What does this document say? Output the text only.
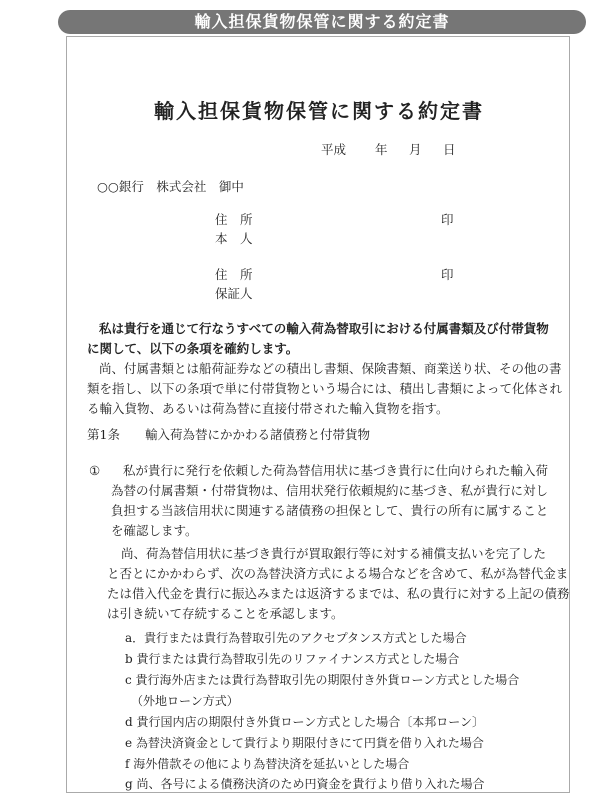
輸入担保貨物保管に関する約定書
輸入担保貨物保管に関する約定書
平成 年 月 日
○○銀行　株式会社　御中
住　所
本　人
印
住　所
保証人
印
私は貴行を通じて行なうすべての輸入荷為替取引における付属書類及び付帯貨物
に関して、以下の条項を確約します。
尚、付属書類とは船荷証券などの積出し書類、保険書類、商業送り状、その他の書
類を指し、以下の条項で単に付帯貨物という場合には、積出し書類によって化体され
る輸入貨物、あるいは荷為替に直接付帯された輸入貨物を指す。
第1条 輸入荷為替にかかわる諸債務と付帯貨物
① 私が貴行に発行を依頼した荷為替信用状に基づき貴行に仕向けられた輸入荷
為替の付属書類・付帯貨物は、信用状発行依頼規約に基づき、私が貴行に対し
負担する当該信用状に関連する諸債務の担保として、貴行の所有に属すること
を確認します。
尚、荷為替信用状に基づき貴行が買取銀行等に対する補償支払いを完了した
と否とにかかわらず、次の為替決済方式による場合などを含めて、私が為替代金ま
たは借入代金を貴行に振込みまたは返済するまでは、私の貴行に対する上記の債務
は引き続いて存続することを承認します。
a．貴行または貴行為替取引先のアクセプタンス方式とした場合
b 貴行または貴行為替取引先のリファイナンス方式とした場合
c 貴行海外店または貴行為替取引先の期限付き外貨ローン方式とした場合
　（外地ローン方式）
d 貴行国内店の期限付き外貨ローン方式とした場合〔本邦ローン〕
e 為替決済資金として貴行より期限付きにて円貨を借り入れた場合
f 海外借款その他により為替決済を延払いとした場合
g 尚、各号による債務決済のため円資金を貴行より借り入れた場合
